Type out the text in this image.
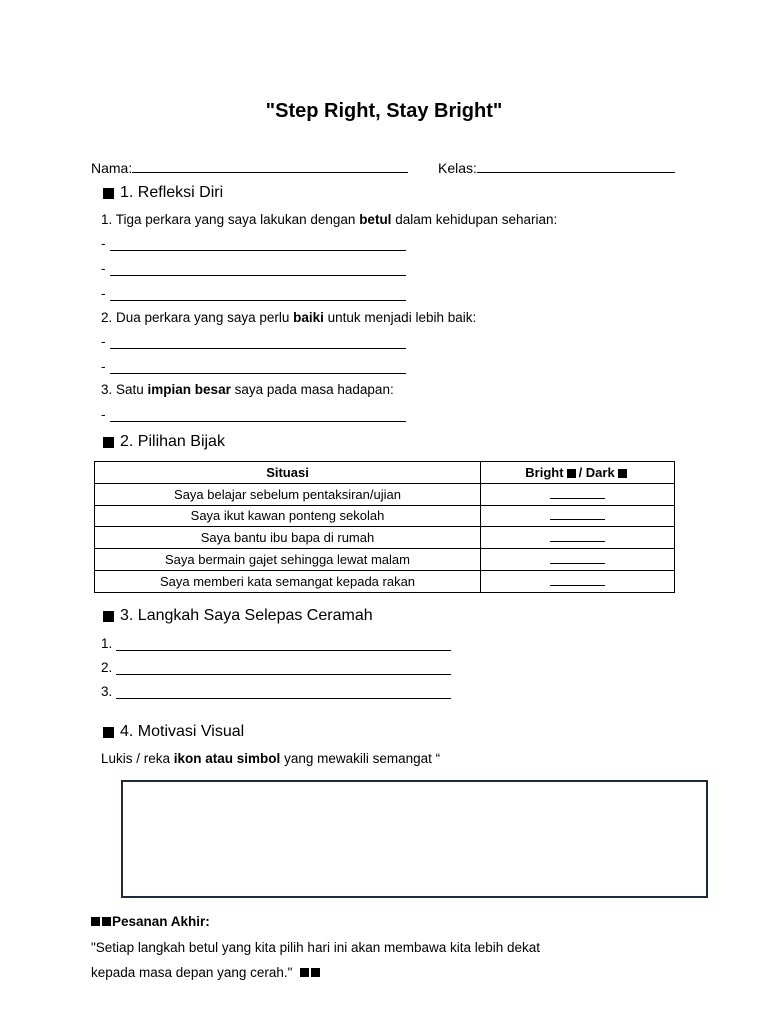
"Step Right, Stay Bright"
Nama:	Kelas:
1. Refleksi Diri
1. Tiga perkara yang saya lakukan dengan betul dalam kehidupan seharian:
-
-
-
2. Dua perkara yang saya perlu baiki untuk menjadi lebih baik:
-
-
3. Satu impian besar saya pada masa hadapan:
-
2. Pilihan Bijak
Situasi	Bright / Dark
Saya belajar sebelum pentaksiran/ujian	
Saya ikut kawan ponteng sekolah	
Saya bantu ibu bapa di rumah	
Saya bermain gajet sehingga lewat malam	
Saya memberi kata semangat kepada rakan	
3. Langkah Saya Selepas Ceramah
1.
2.
3.
4. Motivasi Visual
Lukis / reka ikon atau simbol yang mewakili semangat “
Pesanan Akhir:
"Setiap langkah betul yang kita pilih hari ini akan membawa kita lebih dekat
kepada masa depan yang cerah."
